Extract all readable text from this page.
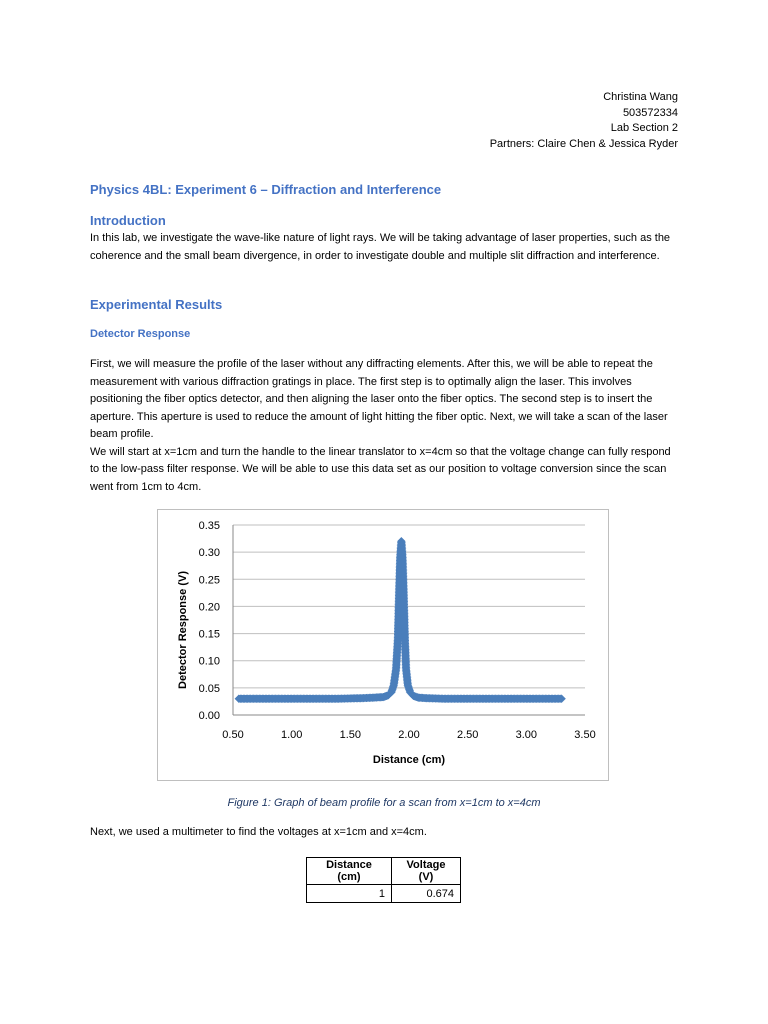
Christina Wang
503572334
Lab Section 2
Partners: Claire Chen & Jessica Ryder
Physics 4BL: Experiment 6 – Diffraction and Interference
Introduction

In this lab, we investigate the wave-like nature of light rays. We will be taking advantage of laser properties, such as the coherence and the small beam divergence, in order to investigate double and multiple slit diffraction and interference.

Experimental Results
Detector Response

First, we will measure the profile of the laser without any diffracting elements. After this, we will be able to repeat the measurement with various diffraction gratings in place. The first step is to optimally align the laser. This involves positioning the fiber optics detector, and then aligning the laser onto the fiber optics. The second step is to insert the aperture. This aperture is used to reduce the amount of light hitting the fiber optic. Next, we will take a scan of the laser beam profile.

We will start at x=1cm and turn the handle to the linear translator to x=4cm so that the voltage change can fully respond to the low-pass filter response. We will be able to use this data set as our position to voltage conversion since the scan went from 1cm to 4cm.

0.00
0.05
0.10
0.15
0.20
0.25
0.30
0.35
0.50	1.00	1.50	2.00	2.50	3.00	3.50
Distance (cm)
Detector Response (V)

Figure 1: Graph of beam profile for a scan from x=1cm to x=4cm

Next, we used a multimeter to find the voltages at x=1cm and x=4cm.

Distance (cm)	Voltage (V)
1	0.674
